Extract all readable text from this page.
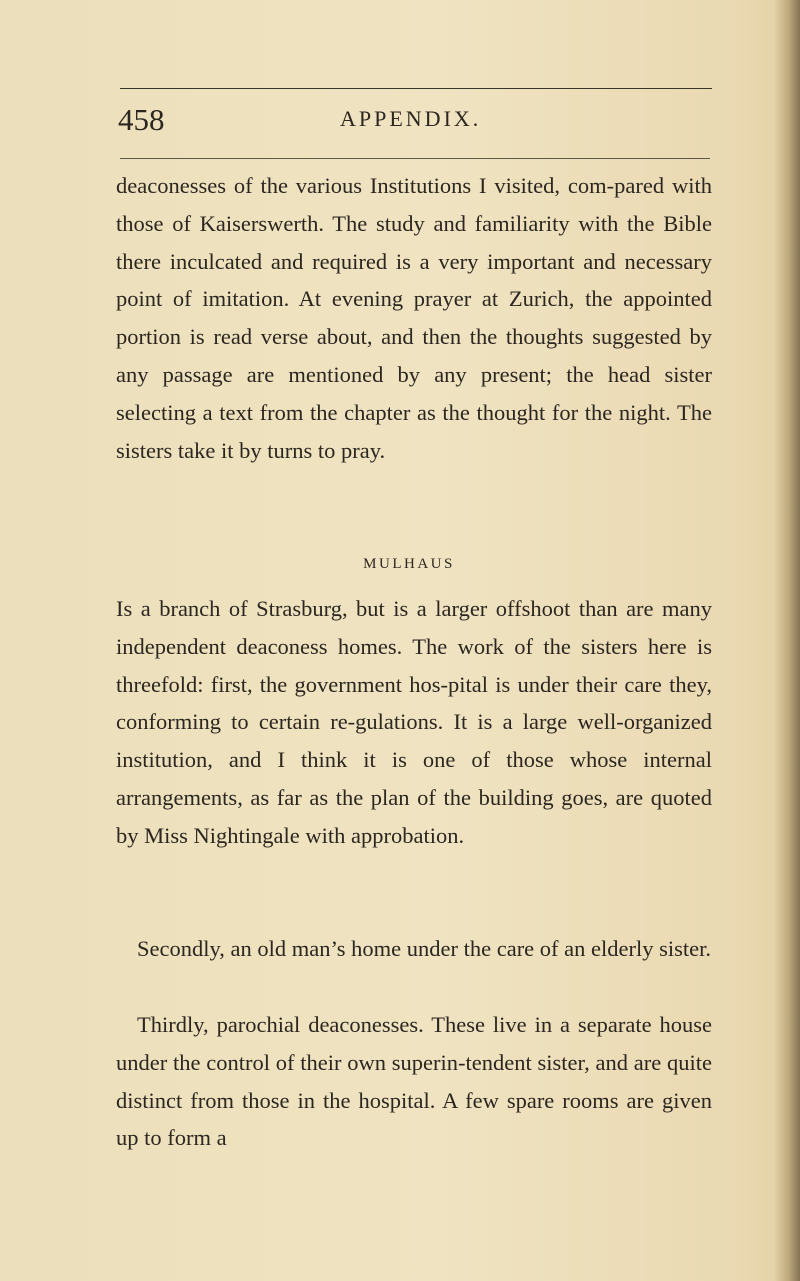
458	APPENDIX.

deaconesses of the various Institutions I visited, com-pared with those of Kaiserswerth. The study and familiarity with the Bible there inculcated and required is a very important and necessary point of imitation. At evening prayer at Zurich, the appointed portion is read verse about, and then the thoughts suggested by any passage are mentioned by any present; the head sister selecting a text from the chapter as the thought for the night. The sisters take it by turns to pray.

MULHAUS

Is a branch of Strasburg, but is a larger offshoot than are many independent deaconess homes. The work of the sisters here is threefold: first, the government hos-pital is under their care they, conforming to certain re-gulations. It is a large well-organized institution, and I think it is one of those whose internal arrangements, as far as the plan of the building goes, are quoted by Miss Nightingale with approbation.

Secondly, an old man’s home under the care of an elderly sister.

Thirdly, parochial deaconesses. These live in a separate house under the control of their own superin-tendent sister, and are quite distinct from those in the hospital. A few spare rooms are given up to form a
